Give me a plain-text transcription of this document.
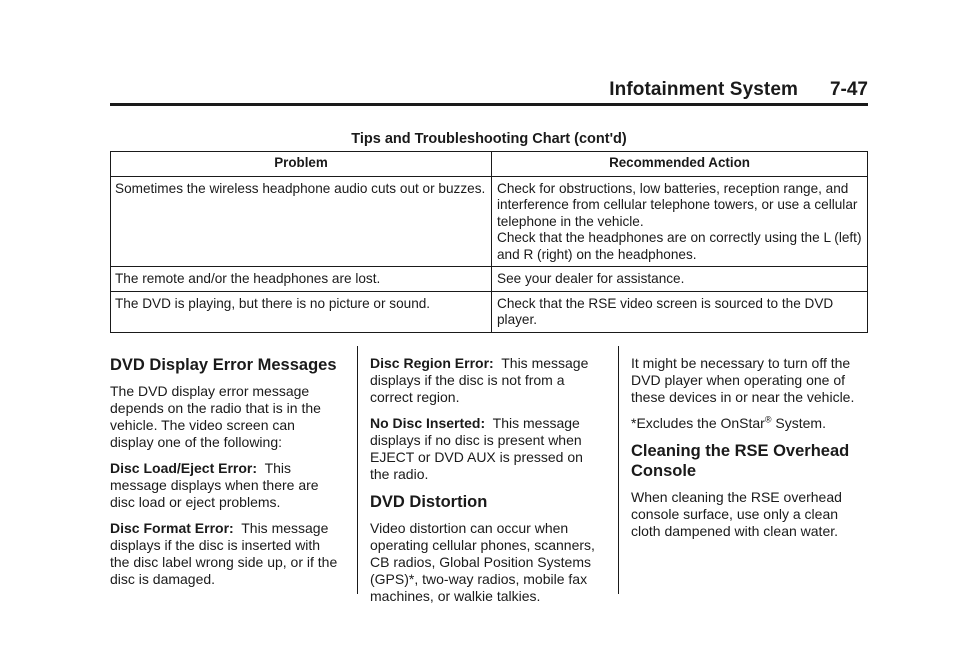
Infotainment System 7-47
Tips and Troubleshooting Chart (cont'd)
Problem	Recommended Action
Sometimes the wireless headphone audio cuts out or buzzes.	Check for obstructions, low batteries, reception range, and interference from cellular telephone towers, or use a cellular telephone in the vehicle.
Check that the headphones are on correctly using the L (left) and R (right) on the headphones.

The remote and/or the headphones are lost.	See your dealer for assistance.

The DVD is playing, but there is no picture or sound.	Check that the RSE video screen is sourced to the DVD player.
DVD Display Error Messages

The DVD display error message depends on the radio that is in the vehicle. The video screen can display one of the following:

Disc Load/Eject Error: This message displays when there are disc load or eject problems.

Disc Format Error: This message displays if the disc is inserted with the disc label wrong side up, or if the disc is damaged.

Disc Region Error: This message displays if the disc is not from a correct region.

No Disc Inserted: This message displays if no disc is present when EJECT or DVD AUX is pressed on the radio.

DVD Distortion

Video distortion can occur when operating cellular phones, scanners, CB radios, Global Position Systems (GPS)*, two-way radios, mobile fax machines, or walkie talkies.

It might be necessary to turn off the DVD player when operating one of these devices in or near the vehicle.

*Excludes the OnStar® System.

Cleaning the RSE Overhead Console

When cleaning the RSE overhead console surface, use only a clean cloth dampened with clean water.
